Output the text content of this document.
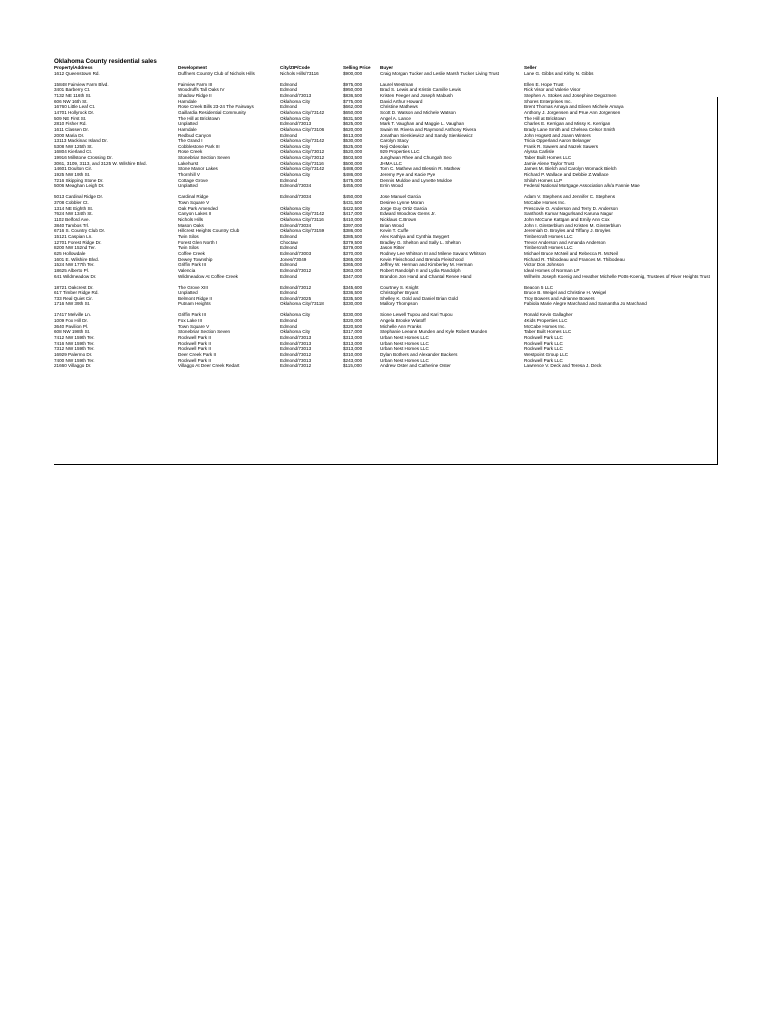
Oklahoma County residential sales
Property/Address	Development	City/ZIP/Code	Selling Price	Buyer	Seller
1612 Queenstown Rd.	Duffners Country Club of Nichols Hills	Nichols Hills/73116	$900,000	Craig Morgan Tucker and Leslie Marsh Tucker Living Trust	Lane G. Gibbs and Kirby N. Gibbs

15848 Fairview Farm Blvd.	Fairview Farm III	Edmond	$975,000	Laurel Westman	Ellen E. Hope Trust
3401 Barberry Ct.	Woodruffs Tall Oaks IV	Edmond	$950,000	Brad S. Lewis and Kristin Camille Lewis	Rick Visor and Valerie Visor
7132 NE 116th St.	Shadow Ridge II	Edmond/73013	$836,500	Kristen Feeger and Joseph Mabush	Stephen A. Stokes and Josephine Degozmen
606 NW 16th St.	Harndale	Oklahoma City	$775,000	David Arthur Howard	Shores Enterprises Inc.
16760 Little Leaf Ct.	Rose Creek Bills 23-24 The Fairways	Edmond	$662,000	Christine Mathews	Brent Thomas Amaya and Eileen Michele Amaya
14701 Hollyrock Dr.	Gaillardia Residential Community	Oklahoma City/73142	$650,000	Scott D. Watson and Michele Watson	Anthony J. Jorgensen and Prue Ann Jorgensen
509 NE First St.	The Hill at Bricktown	Oklahoma City	$631,500	Angel A. Lance	The Hill at Bricktown
2810 Fisher Rd.	Unplatted	Edmond/73013	$625,000	Mark T. Vaughan and Maggie L. Vaughan	Charles E. Kerrigan and Missy K. Kerrigan
1611 Classen Dr.	Harndale	Oklahoma City/73106	$620,000	Swain W. Rivera and Raymond Anthony Rivera	Brady Lane Smith and Chelsea Celsor Smith
2000 Maria Dr.	Redbud Canyon	Edmond	$613,000	Jonathan Sienkiewicz and Sandy Sienkiewicz	John Hogsett and Joann Winters
13113 Mackinac Island Dr.	The Grand I	Oklahoma City/73142	$530,000	Carolyn Stacy	Tricia Opperland Aaron Belanger
5308 NW 125th St.	Cobblestone Park III	Oklahoma City	$525,000	Neji Odesolan	Frank R. Sawers and Nazek Sawers
16804 Kierland Ct.	Rose Creek	Oklahoma City/73012	$520,000	929 Properties LLC	Alyssa Carlisle
19916 Millstone Crossing Dr.	Stonebriar Section Seven	Oklahoma City/73012	$503,500	Junghwan Rhee and Chungah Seo	Taber Built Homes LLC
3061, 3109, 3113, and 3125 W. Wilshire Blvd.	Lakehurst	Oklahoma City/73116	$500,000	JHMA LLC	Jamie Alene Taylor Trust
14601 Doulton Cir.	Stone Manor Lakes	Oklahoma City/73142	$488,000	Tom C. Mathew and Blessin R. Mathew	James M. Bielch and Carolyn Womack Bielch
1925 NW 19th St.	Thornhill V	Oklahoma City	$486,000	Jeremy Pye and Kacie Pye	Richard P. Wallace and Debbie Z.Wallace
7216 Skipping Stone Dr.	Cottage Grove	Edmond	$475,000	Dennis Muldoe and Lynette Muldoe	Shiloh Homes LLP
5006 Meaghan Leigh Dr.	Unplatted	Edmond/73034	$455,000	Errin Wood	Federal National Mortgage Association a/k/a Fannie Mae

5013 Cardinal Ridge Dr.	Cardinal Ridge	Edmond/73034	$450,000	Jose Manuel Garcia	Adam V. Stephens and Jennifer C. Stephens
3708 Cobbler Ct.	Town Square V		$431,500	Desiree Lynne Moran	McCabe Homes Inc.
1314 NE Eighth St.	Oak Park Amended	Oklahoma City	$422,500	Jorge Guy Ortiz Garcia	Prescovie O. Anderson and Terry D. Anderson
7624 NW 134th St.	Canyon Lakes II	Oklahoma City/73142	$417,000	Edward Woodrow Gems Jr.	Santhosh Kumar Nagurlsand Karuna Nagur
1102 Belford Ave.	Nichols Hills	Oklahoma City/73116	$410,000	Nicklaus C.Brown	John McCune Kattgan and Emily Ann Cox
3840 Tambos Trl.	Mason Oaks	Edmond/73034	$397,000	Brian Wood	John I. Ginsterblum and Kristen M. Ginsterblum
6716 S. Country Club Dr.	Hillcrest Heights Country Club	Oklahoma City/73159	$386,000	Kevin T. Cuffe	Jeremiah D. Broyles and Tiffany J. Broyles
15121 Caspian Ln.	Twin Silos	Edmond	$385,500	Alex Kathiya and Cynthia Swygert	Timbercraft Homes LLC
12701 Forest Ridge Dr.	Forest Glen North I	Choctaw	$379,500	Bradley G. Shelton and Sally L. Shelton	Trevor Anderson and Amanda Anderson
8200 NW 152nd Ter.	Twin Silos	Edmond	$379,000	Jason Ritter	Timbercraft Homes LLC
625 Hollowdale	Coffee Creek	Edmond/73003	$370,000	Rodney Lee Whitson III and Milene Savanc Whitson	Michael Bruce McNeil and Rebecca R. McNeil
1601 E. Wilshire Blvd.	Dewey Township	Jones/73049	$365,000	Kevin Fleischood and Brenda Fleischood	Richard R. Thibodeau and Frances M. Thibodeau
1524 NW 177th Ter.	Griffin Park III	Edmond	$365,000	Jeffrey W. Herman and Kimberley M. Herman	Victor Don Johnson
18625 Alberto Pl.	Valencia	Edmond/73012	$363,000	Robert Randolph II and Lydia Randolph	Ideal Homes of Norman LP
641 Wildmeadow Dr.	Wildmeadow At Coffee Creek	Edmond	$347,000	Brandon Jon Hand and Chantal Renee Hand	Wilhelm Joseph Koenig and Heather Michelle Potts-Koenig, Trustees of River Heights Trust

18721 Oakcrest Dr.	The Grove XIII	Edmond/73012	$345,600	Courtney S. Knight	Beacon 5 LLC
617 Timber Ridge Rd.	Unplatted	Edmond	$336,500	Christopher Bryant	Bruce B. Weigel and Christine H. Weigel
733 Real Quiet Cir.	Belmont Ridge II	Edmond/73025	$335,500	Shelley K. Gold and Daniel Brian Gold	Troy Bowers and Adrianne Bowers
1716 NW 39th St.	Putnam Heights	Oklahoma City/73118	$330,000	Mallory Thompson	Fabiola Marie Alegre Marchand and Samantha Jo Marchand

17417 Melville Ln.	Griffin Park III	Oklahoma City	$330,000	Sione Lewell Tupou and Kari Tupou	Ronald Kevin Gallagher
1009 Fox Hill Dr.	Fox Lake III	Edmond	$320,000	Angela Brooke Wiatoff	4Kids Properties LLC
3640 Pavilion Pl.	Town Square V	Edmond	$320,500	Michelle Ann Franks	McCabe Homes Inc.
608 NW 198th St.	Stonebriar Section Seven	Oklahoma City	$317,000	Stephanie Leeann Munden and Kyle Robert Munden	Taber Built Homes LLC
7412 NW 159th Ter.	Rockwell Park II	Edmond/73013	$313,000	Urban Nest Homes LLC	Rockwell Park LLC
7416 NW 159th Ter.	Rockwell Park II	Edmond/73013	$313,000	Urban Nest Homes LLC	Rockwell Park LLC
7312 NW 159th Ter.	Rockwell Park II	Edmond/73013	$313,000	Urban Nest Homes LLC	Rockwell Park LLC
16929 Palermo Dr.	Deer Creek Park II	Edmond/73012	$310,000	Dylan Bothers and Alexander Backers	Westpoint Group LLC
7400 NW 159th Ter.	Rockwell Park II	Edmond/73013	$243,000	Urban Nest Homes LLC	Rockwell Park LLC
21660 Villaggo Dr.	Villaggo At Deer Creek Redart	Edmond/73012	$115,000	Andrew Oster and Catherine Oster	Lawrence V. Deck and Teresa J. Deck
